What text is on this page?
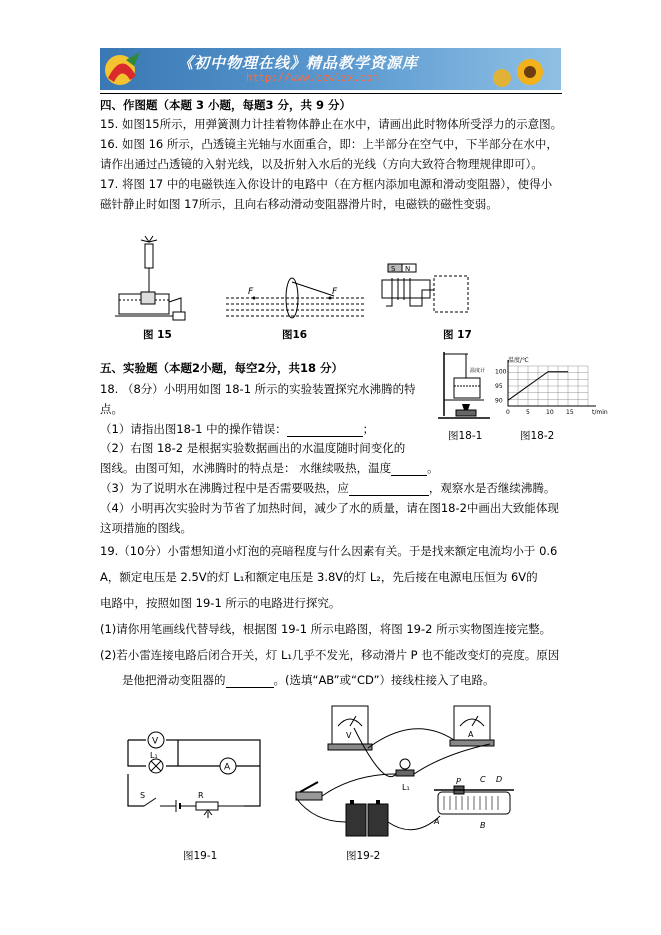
《初中物理在线》精品教学资源库
http://www.czwlzx.com
四、作图题（本题 3 小题，每题3 分，共 9 分）
15. 如图15所示，用弹簧测力计挂着物体静止在水中，请画出此时物体所受浮力的示意图。
16. 如图 16 所示，凸透镜主光轴与水面重合，即：上半部分在空气中，下半部分在水中，
请作出通过凸透镜的入射光线，以及折射入水后的光线（方向大致符合物理规律即可）。
17. 将图 17 中的电磁铁连入你设计的电路中（在方框内添加电源和滑动变阻器），使得小
磁针静止时如图 17所示，且向右移动滑动变阻器滑片时，电磁铁的磁性变弱。
图 15
F	F
图16
S N
图 17
五、实验题（本题2小题，每空2分，共18 分）
18. （8分）小明用如图 18-1 所示的实验装置探究水沸腾的特
点。
（1）请指出图18-1 中的操作错误：	；
（2）右图 18-2 是根据实验数据画出的水温度随时间变化的
图线。由图可知，水沸腾时的特点是： 水继续吸热，温度	。
（3）为了说明水在沸腾过程中是否需要吸热，应	，观察水是否继续沸腾。
（4）小明再次实验时为节省了加热时间，减少了水的质量，请在图18-2中画出大致能体现
这项措施的图线。
温度计
图18-1
100
95
90
0	5	10 15
温度/℃
t/min
图18-2
19.（10分）小雷想知道小灯泡的亮暗程度与什么因素有关。于是找来额定电流均小于 0.6
A，额定电压是 2.5V的灯 L₁和额定电压是 3.8V的灯 L₂，先后接在电源电压恒为 6V的
电路中，按照如图 19-1 所示的电路进行探究。
(1)请你用笔画线代替导线，根据图 19-1 所示电路图，将图 19-2 所示实物图连接完整。
(2)若小雷连接电路后闭合开关，灯 L₁几乎不发光，移动滑片 P 也不能改变灯的亮度。原因
是他把滑动变阻器的	。(选填“AB”或“CD”）接线柱接入了电路。
V
L₁
A
S	R
图19-1
V	A
L₁
P C D
A	B
图19-2
